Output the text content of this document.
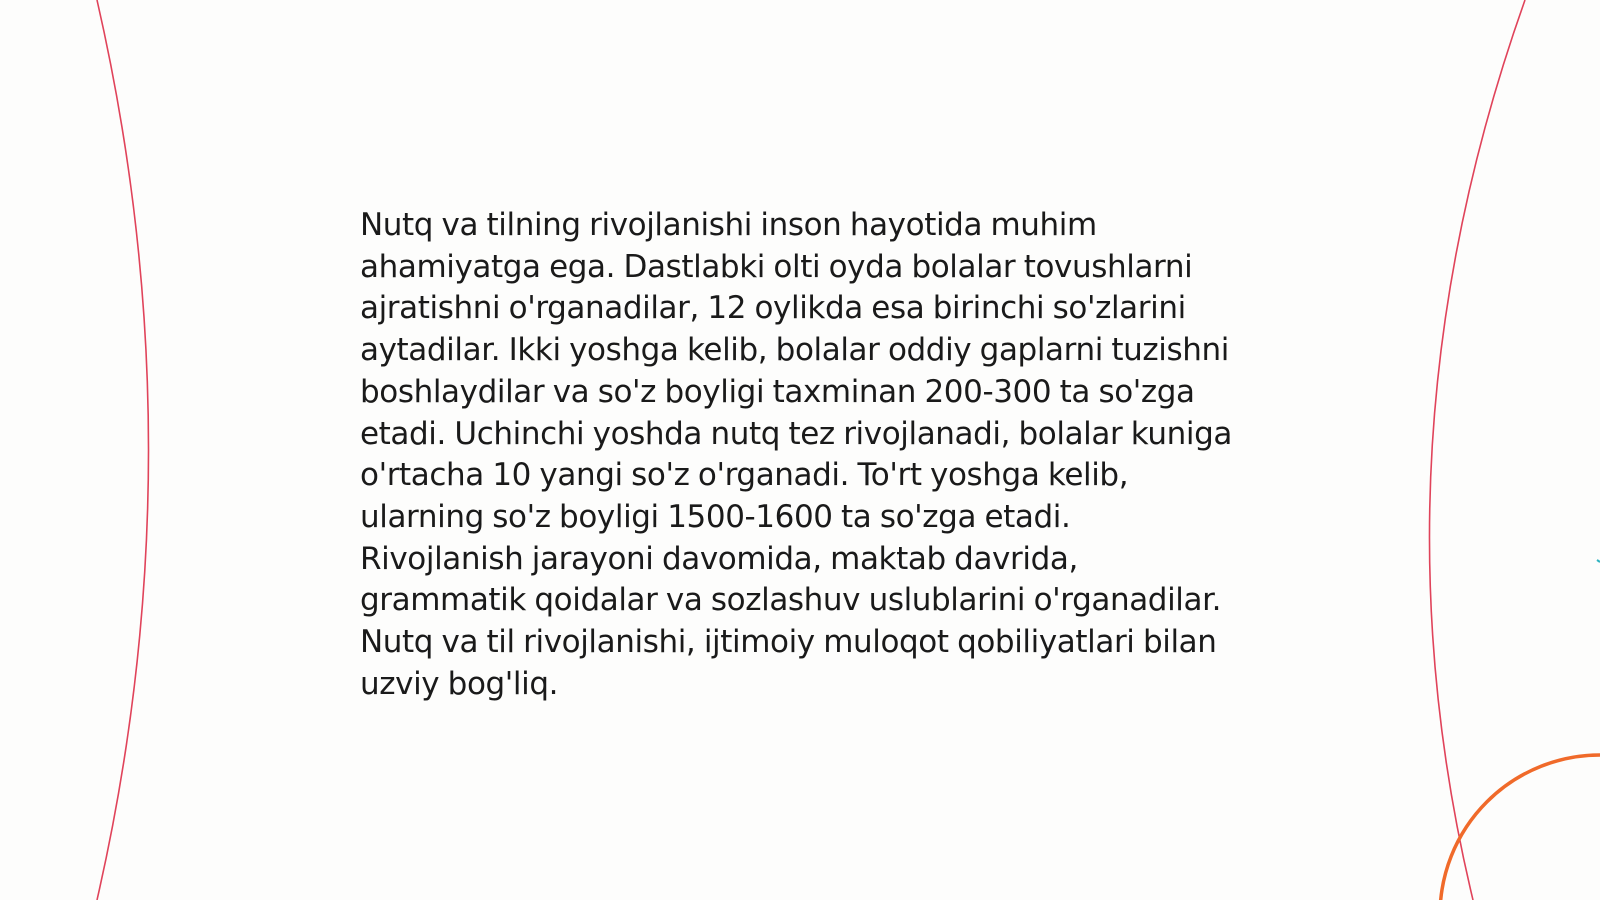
Nutq va tilning rivojlanishi inson hayotida muhim ahamiyatga ega. Dastlabki olti oyda bolalar tovushlarni ajratishni o'rganadilar, 12 oylikda esa birinchi so'zlarini aytadilar. Ikki yoshga kelib, bolalar oddiy gaplarni tuzishni boshlaydilar va so'z boyligi taxminan 200-300 ta so'zga etadi. Uchinchi yoshda nutq tez rivojlanadi, bolalar kuniga o'rtacha 10 yangi so'z o'rganadi. To'rt yoshga kelib, ularning so'z boyligi 1500-1600 ta so'zga etadi. Rivojlanish jarayoni davomida, maktab davrida, grammatik qoidalar va sozlashuv uslublarini o'rganadilar. Nutq va til rivojlanishi, ijtimoiy muloqot qobiliyatlari bilan uzviy bog'liq.
